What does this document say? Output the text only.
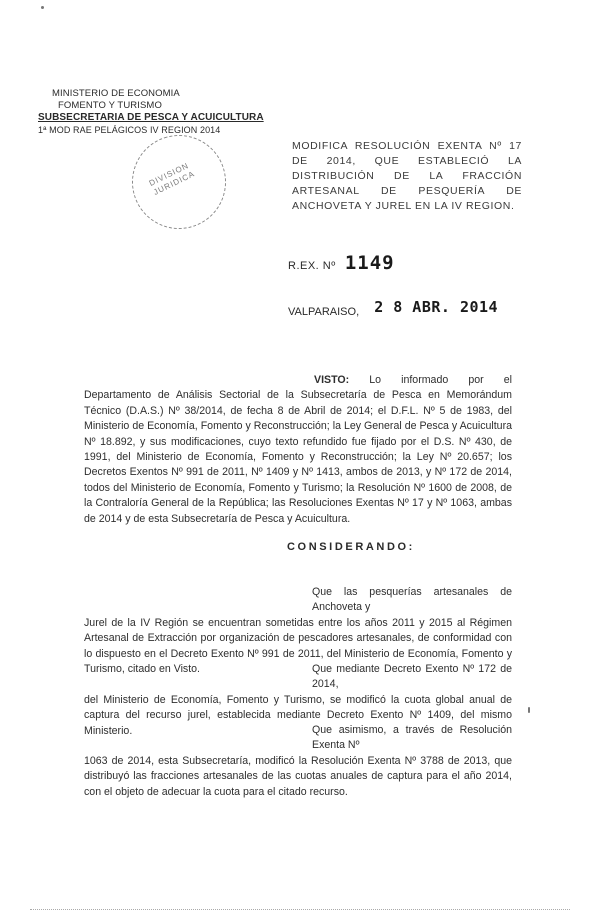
MINISTERIO DE ECONOMIA
FOMENTO Y TURISMO
SUBSECRETARIA DE PESCA Y ACUICULTURA
1ª MOD RAE PELÁGICOS IV REGION 2014
DIVISION JURIDICA
MODIFICA RESOLUCIÓN EXENTA Nº 17 DE 2014, QUE ESTABLECIÓ LA DISTRIBUCIÓN DE LA FRACCIÓN ARTESANAL DE PESQUERÍA DE ANCHOVETA Y JUREL EN LA IV REGION.
R.EX. Nº 1149
VALPARAISO, 2 8 ABR. 2014
VISTO: Lo informado por el Departamento de Análisis Sectorial de la Subsecretaría de Pesca en Memorándum Técnico (D.A.S.) Nº 38/2014, de fecha 8 de Abril de 2014; el D.F.L. Nº 5 de 1983, del Ministerio de Economía, Fomento y Reconstrucción; la Ley General de Pesca y Acuicultura Nº 18.892, y sus modificaciones, cuyo texto refundido fue fijado por el D.S. Nº 430, de 1991, del Ministerio de Economía, Fomento y Reconstrucción; la Ley Nº 20.657; los Decretos Exentos Nº 991 de 2011, Nº 1409 y Nº 1413, ambos de 2013, y Nº 172 de 2014, todos del Ministerio de Economía, Fomento y Turismo; la Resolución Nº 1600 de 2008, de la Contraloría General de la República; las Resoluciones Exentas Nº 17 y Nº 1063, ambas de 2014 y de esta Subsecretaría de Pesca y Acuicultura.
CONSIDERANDO:
Que las pesquerías artesanales de Anchoveta y
Jurel de la IV Región se encuentran sometidas entre los años 2011 y 2015 al Régimen Artesanal de Extracción por organización de pescadores artesanales, de conformidad con lo dispuesto en el Decreto Exento Nº 991 de 2011, del Ministerio de Economía, Fomento y Turismo, citado en Visto.	Que mediante Decreto Exento Nº 172 de 2014,
del Ministerio de Economía, Fomento y Turismo, se modificó la cuota global anual de captura del recurso jurel, establecida mediante Decreto Exento Nº 1409, del mismo Ministerio.	Que asimismo, a través de Resolución Exenta Nº
1063 de 2014, esta Subsecretaría, modificó la Resolución Exenta Nº 3788 de 2013, que distribuyó las fracciones artesanales de las cuotas anuales de captura para el año 2014, con el objeto de adecuar la cuota para el citado recurso.
